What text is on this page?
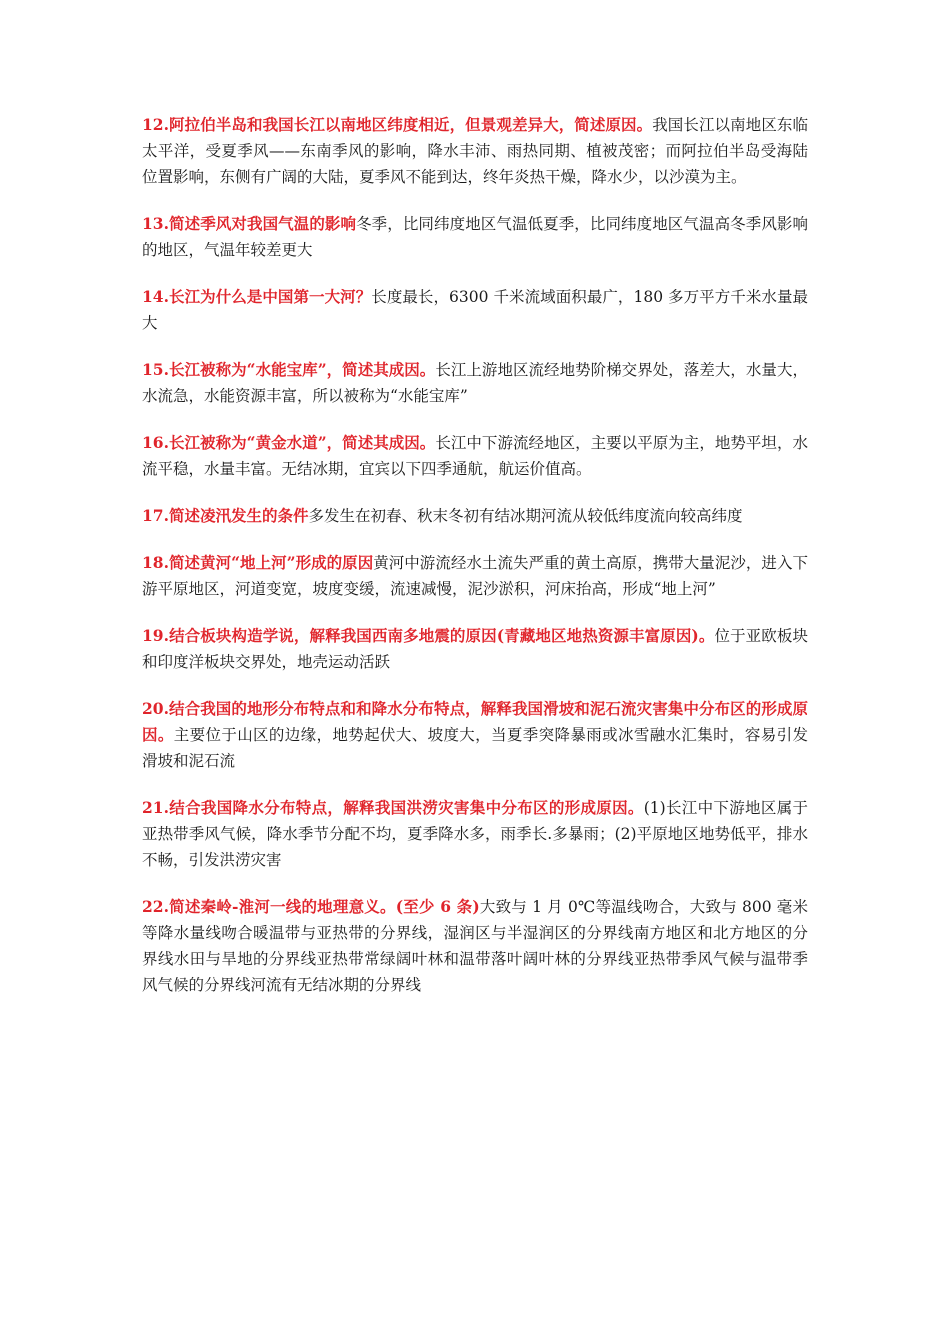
12.阿拉伯半岛和我国长江以南地区纬度相近，但景观差异大，简述原因。我国长江以南地区东临太平洋，受夏季风——东南季风的影响，降水丰沛、雨热同期、植被茂密；而阿拉伯半岛受海陆位置影响，东侧有广阔的大陆，夏季风不能到达，终年炎热干燥，降水少，以沙漠为主。

13.简述季风对我国气温的影响冬季，比同纬度地区气温低夏季，比同纬度地区气温高冬季风影响的地区，气温年较差更大

14.长江为什么是中国第一大河？长度最长，6300 千米流域面积最广，180 多万平方千米水量最大

15.长江被称为“水能宝库”，简述其成因。长江上游地区流经地势阶梯交界处，落差大，水量大，水流急，水能资源丰富，所以被称为“水能宝库”

16.长江被称为“黄金水道”，简述其成因。长江中下游流经地区，主要以平原为主，地势平坦，水流平稳，水量丰富。无结冰期，宜宾以下四季通航，航运价值高。

17.简述凌汛发生的条件多发生在初春、秋末冬初有结冰期河流从较低纬度流向较高纬度

18.简述黄河“地上河”形成的原因黄河中游流经水土流失严重的黄土高原，携带大量泥沙，进入下游平原地区，河道变宽，坡度变缓，流速减慢，泥沙淤积，河床抬高，形成“地上河”

19.结合板块构造学说，解释我国西南多地震的原因(青藏地区地热资源丰富原因)。位于亚欧板块和印度洋板块交界处，地壳运动活跃

20.结合我国的地形分布特点和和降水分布特点，解释我国滑坡和泥石流灾害集中分布区的形成原因。主要位于山区的边缘，地势起伏大、坡度大，当夏季突降暴雨或冰雪融水汇集时，容易引发滑坡和泥石流

21.结合我国降水分布特点，解释我国洪涝灾害集中分布区的形成原因。(1)长江中下游地区属于亚热带季风气候，降水季节分配不均，夏季降水多，雨季长.多暴雨；(2)平原地区地势低平，排水不畅，引发洪涝灾害

22.简述秦岭-淮河一线的地理意义。(至少 6 条)大致与 1 月 0℃等温线吻合，大致与 800 毫米等降水量线吻合暖温带与亚热带的分界线，湿润区与半湿润区的分界线南方地区和北方地区的分界线水田与旱地的分界线亚热带常绿阔叶林和温带落叶阔叶林的分界线亚热带季风气候与温带季风气候的分界线河流有无结冰期的分界线
